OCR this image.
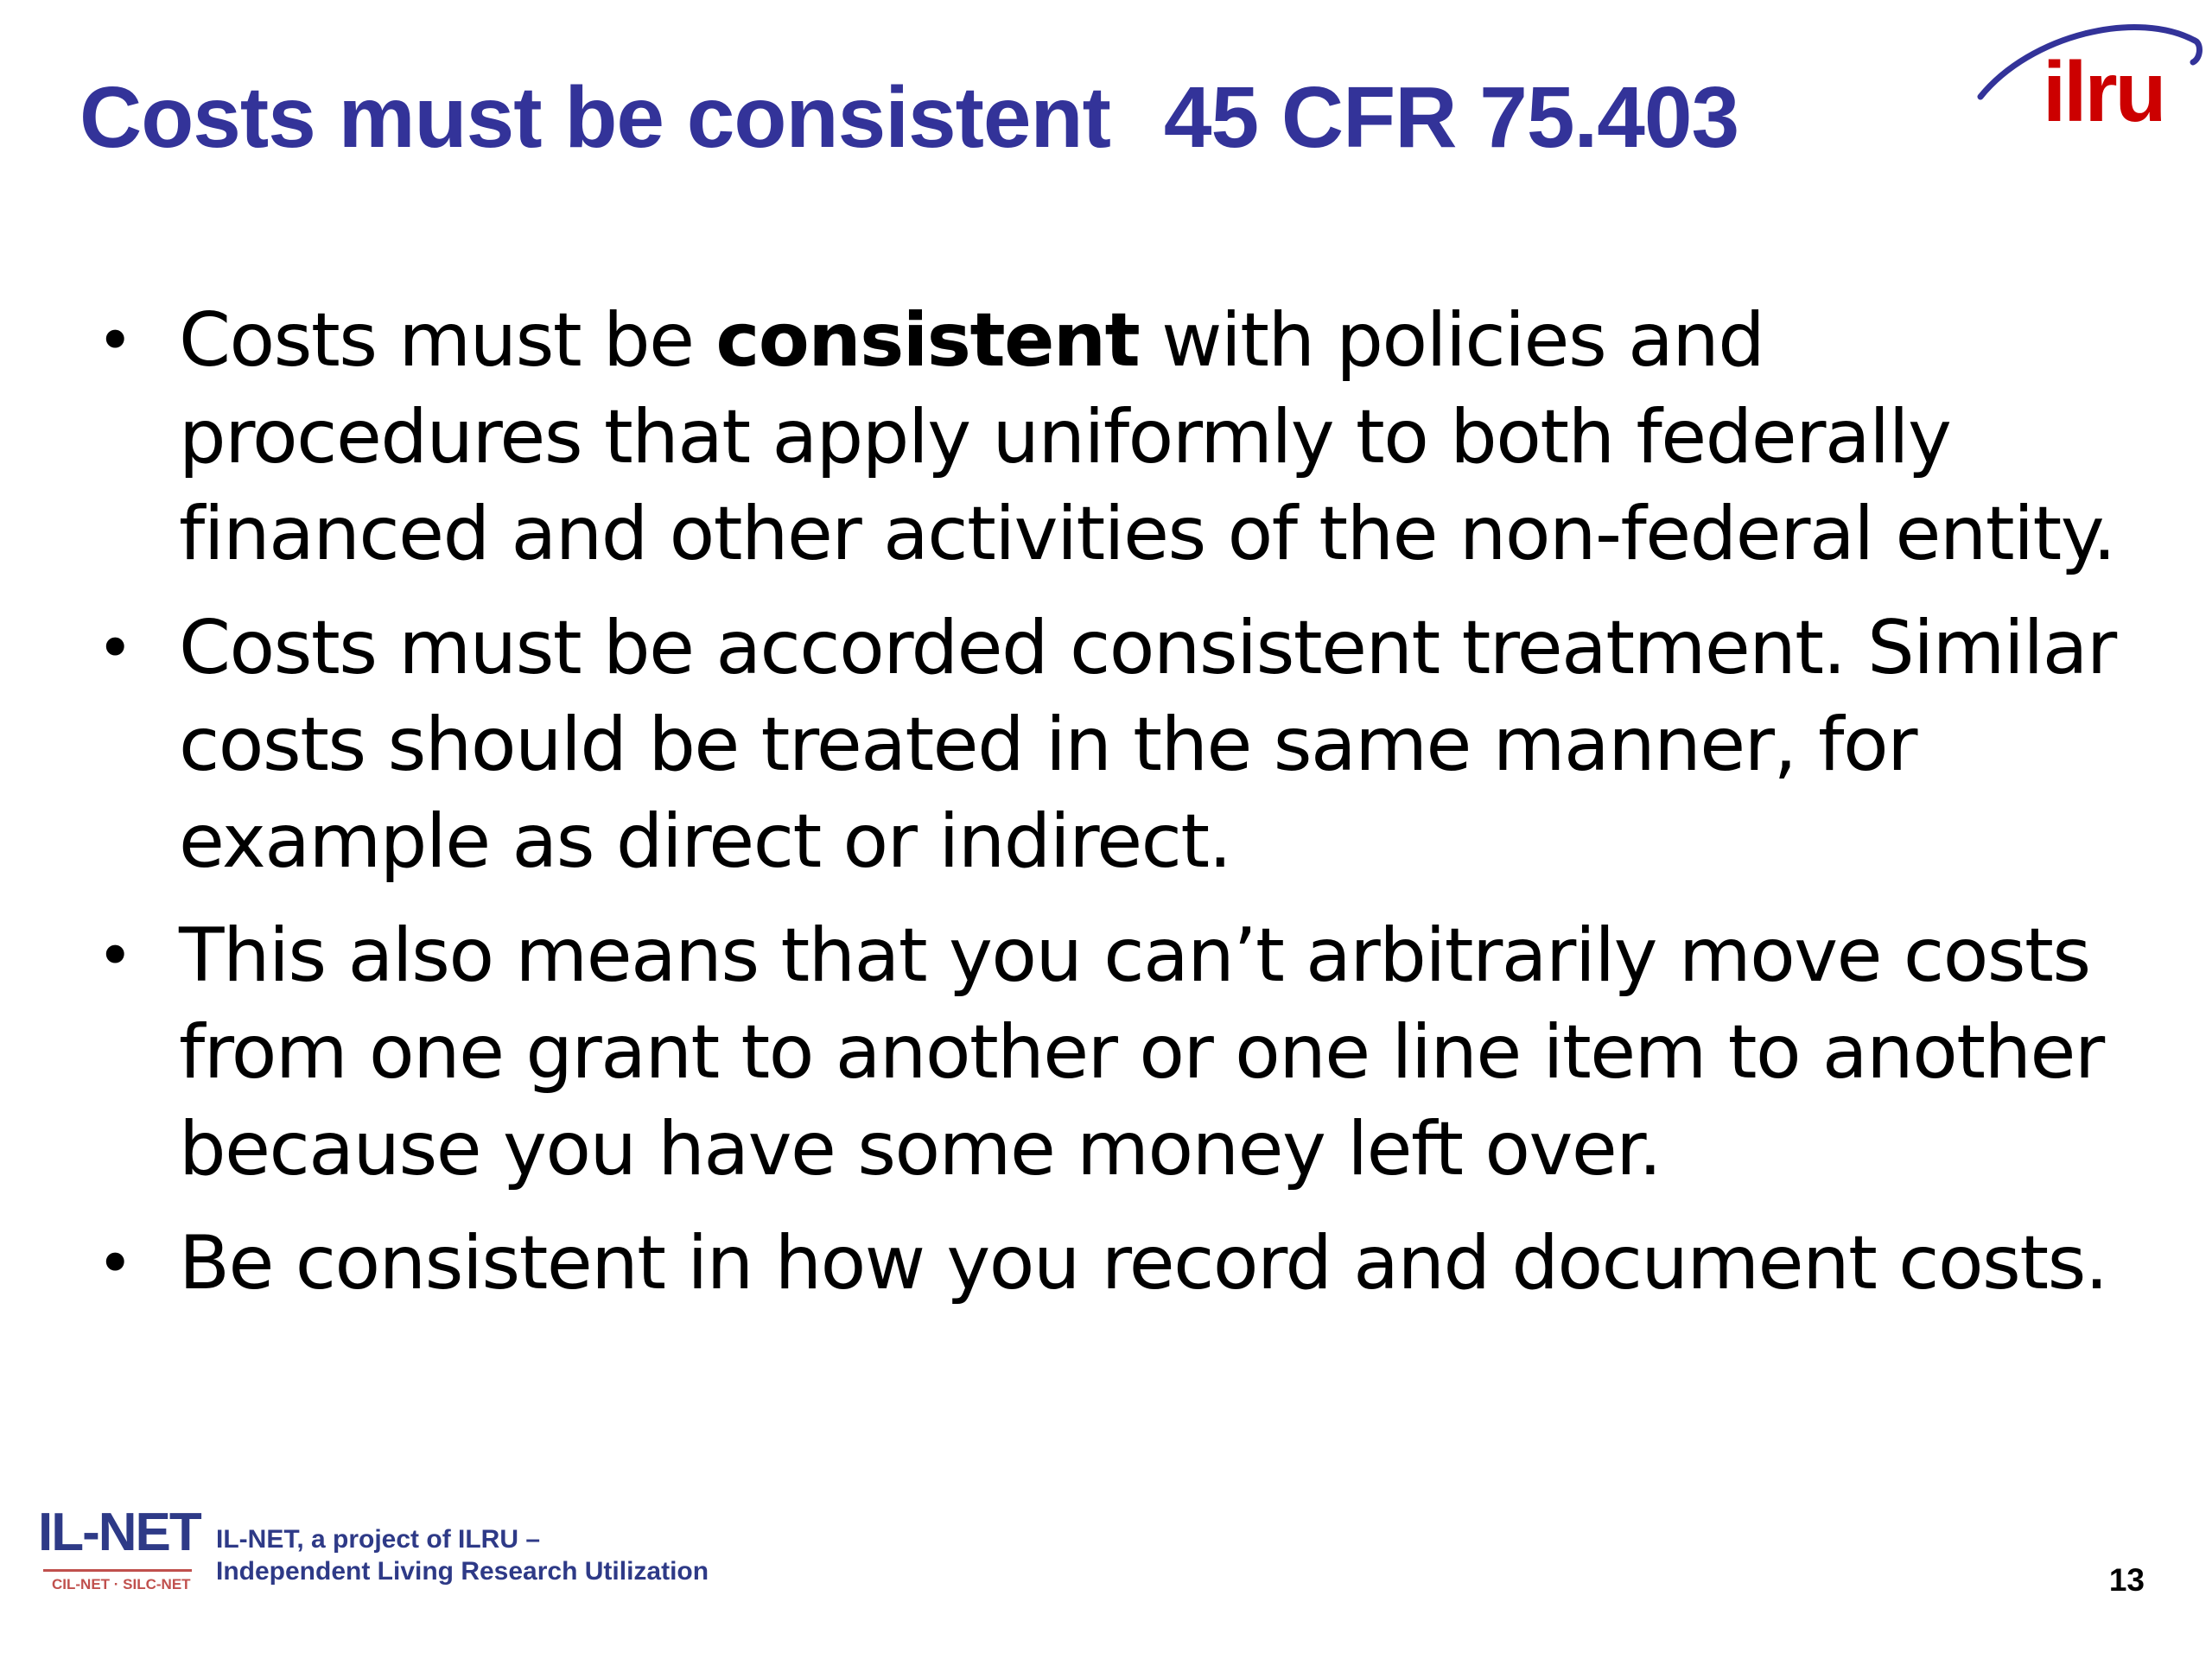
Costs must be consistent 45 CFR 75.403	ilru
• Costs must be consistent with policies and procedures that apply uniformly to both federally financed and other activities of the non-federal entity.
• Costs must be accorded consistent treatment. Similar costs should be treated in the same manner, for example as direct or indirect.
• This also means that you can’t arbitrarily move costs from one grant to another or one line item to another because you have some money left over.
• Be consistent in how you record and document costs.
IL-NET
CIL-NET · SILC-NET
IL-NET, a project of ILRU –
Independent Living Research Utilization	13
